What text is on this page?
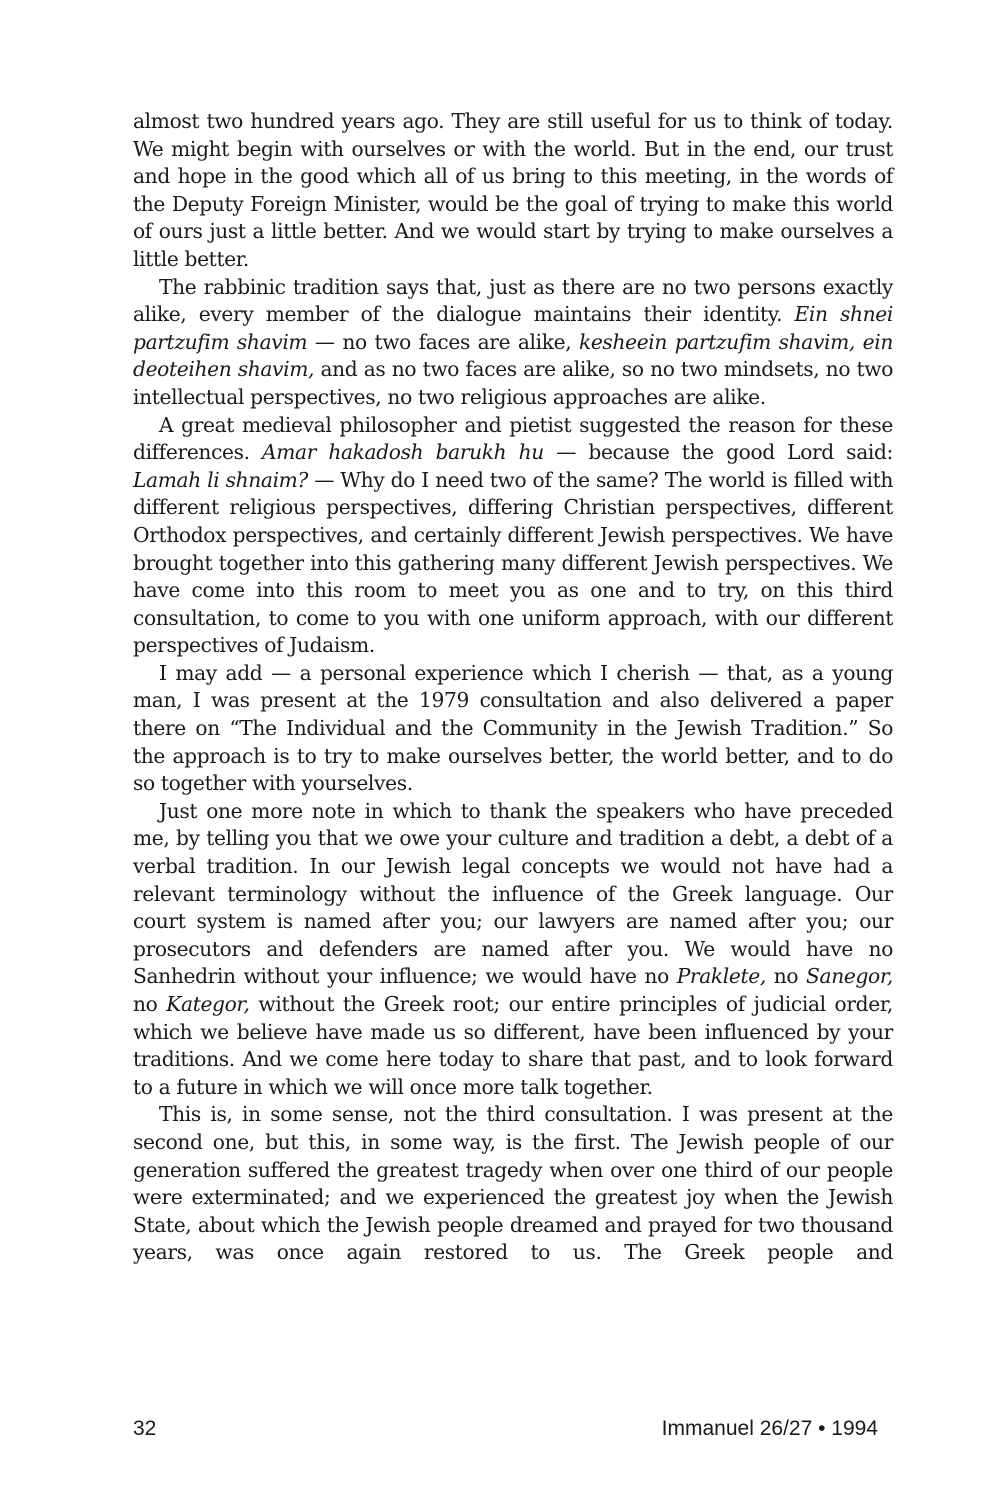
almost two hundred years ago. They are still useful for us to think of today. We might begin with ourselves or with the world. But in the end, our trust and hope in the good which all of us bring to this meeting, in the words of the Deputy Foreign Minister, would be the goal of trying to make this world of ours just a little better. And we would start by trying to make ourselves a little better.

The rabbinic tradition says that, just as there are no two persons exactly alike, every member of the dialogue maintains their identity. Ein shnei partzufim shavim — no two faces are alike, kesheein partzufim shavim, ein deoteihen shavim, and as no two faces are alike, so no two mindsets, no two intellectual perspectives, no two religious approaches are alike.

A great medieval philosopher and pietist suggested the reason for these differences. Amar hakadosh barukh hu — because the good Lord said: Lamah li shnaim? — Why do I need two of the same? The world is filled with different religious perspectives, differing Christian perspectives, different Orthodox perspectives, and certainly different Jewish perspectives. We have brought together into this gathering many different Jewish perspectives. We have come into this room to meet you as one and to try, on this third consultation, to come to you with one uniform approach, with our different perspectives of Judaism.

I may add — a personal experience which I cherish — that, as a young man, I was present at the 1979 consultation and also delivered a paper there on “The Individual and the Community in the Jewish Tradition.” So the approach is to try to make ourselves better, the world better, and to do so together with yourselves.

Just one more note in which to thank the speakers who have preceded me, by telling you that we owe your culture and tradition a debt, a debt of a verbal tradition. In our Jewish legal concepts we would not have had a relevant terminology without the influence of the Greek language. Our court system is named after you; our lawyers are named after you; our prosecutors and defenders are named after you. We would have no Sanhedrin without your influence; we would have no Praklete, no Sanegor, no Kategor, without the Greek root; our entire principles of judicial order, which we believe have made us so different, have been influenced by your traditions. And we come here today to share that past, and to look forward to a future in which we will once more talk together.

This is, in some sense, not the third consultation. I was present at the second one, but this, in some way, is the first. The Jewish people of our generation suffered the greatest tragedy when over one third of our people were exterminated; and we experienced the greatest joy when the Jewish State, about which the Jewish people dreamed and prayed for two thousand years, was once again restored to us. The Greek people and

32	Immanuel 26/27 • 1994
